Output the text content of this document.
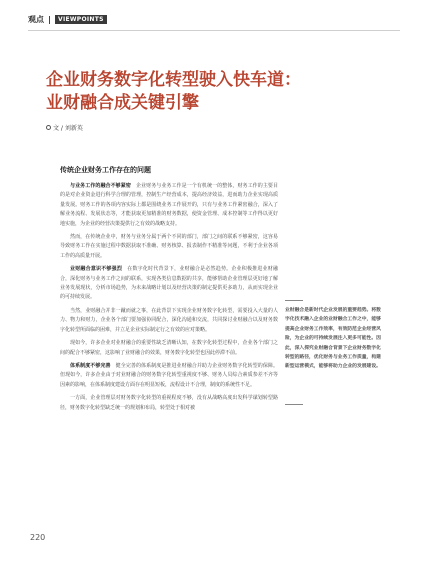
观点	VIEWPOINTS
企业财务数字化转型驶入快车道：
业财融合成关键引擎
文 / 刘新英
传统企业财务工作存在的问题

与业务工作的融合不够紧密　 企业财务与业务工作是一个有机统一的整体，财务工作的主要目的是对企业资金进行科学合理的管理，控制生产经营成本，提高经济效益，进而助力企业实现高质量发展。财务工作的各项内容实际上都是围绕业务工作展开的，只有与业务工作紧密融合，深入了解业务流程、发展状态等，才能获取更加精准的财务数据，使资金管理、成本控制等工作得以更好地实施，为企业的经营决策提供行之有效的战略支持。

然而，在传统企业中，财务与业务分属于两个不同的部门，部门之间的联系不够紧密，这容易导致财务工作在实施过程中数据获取不准确、财务核算、报表制作不精准等问题，不利于企业各项工作的高质量开展。

业财融合意识不够强烈　 在数字化时代背景下，业财融合是必然趋势。企业积极推进业财融合，深化财务与业务工作之间的联系，实现各类信息数据的共享，能够帮助企业管理层更好地了解业务发展现状，分析市场趋势，为未来战略计划以及经营决策的制定提供更多助力，从而实现企业的可持续发展。

当然，业财融合并非一蹴而就之事，在此背景下实现企业财务数字化转型，需要投入大量的人力、物力和财力，企业各个部门要加强协同配合，深化沟通和交流，共同探讨业财融合以及财务数字化转型所面临的困难，并立足企业实际制定行之有效的应对策略。

现如今，许多企业对业财融合的重要性缺乏清晰认知，在数字化转型过程中，企业各个部门之间的配合不够紧密，这影响了业财融合的效果，财务数字化转型也因此停滞不前。

体系制度不够完善　 健全完善的体系制度是推进业财融合并助力企业财务数字化转型的保障。但现如今，许多企业由于对业财融合的财务数字化转型重视度不够、财务人员综合素质参差不齐等因素的影响，在体系制度建设方面存在明显短板，流程设计不合理，制度的系统性不足。

一方面，企业管理层对财务数字化转型的重视程度不够，没有从战略高度出发科学谋划转型路径，财务数字化转型缺乏统一的规划和布局，转型处于相对被

业财融合是新时代企业发展的重要趋势。将数字化技术融入企业的业财融合工作之中，能够提高企业财务工作效率，有效防范企业经营风险，为企业的可持续发展注入更多可能性。因此，深入探究业财融合背景下企业财务数字化转型的路径，优化财务与业务工作质量，构建新型运营模式，能够将助力企业的发展建设。
220
